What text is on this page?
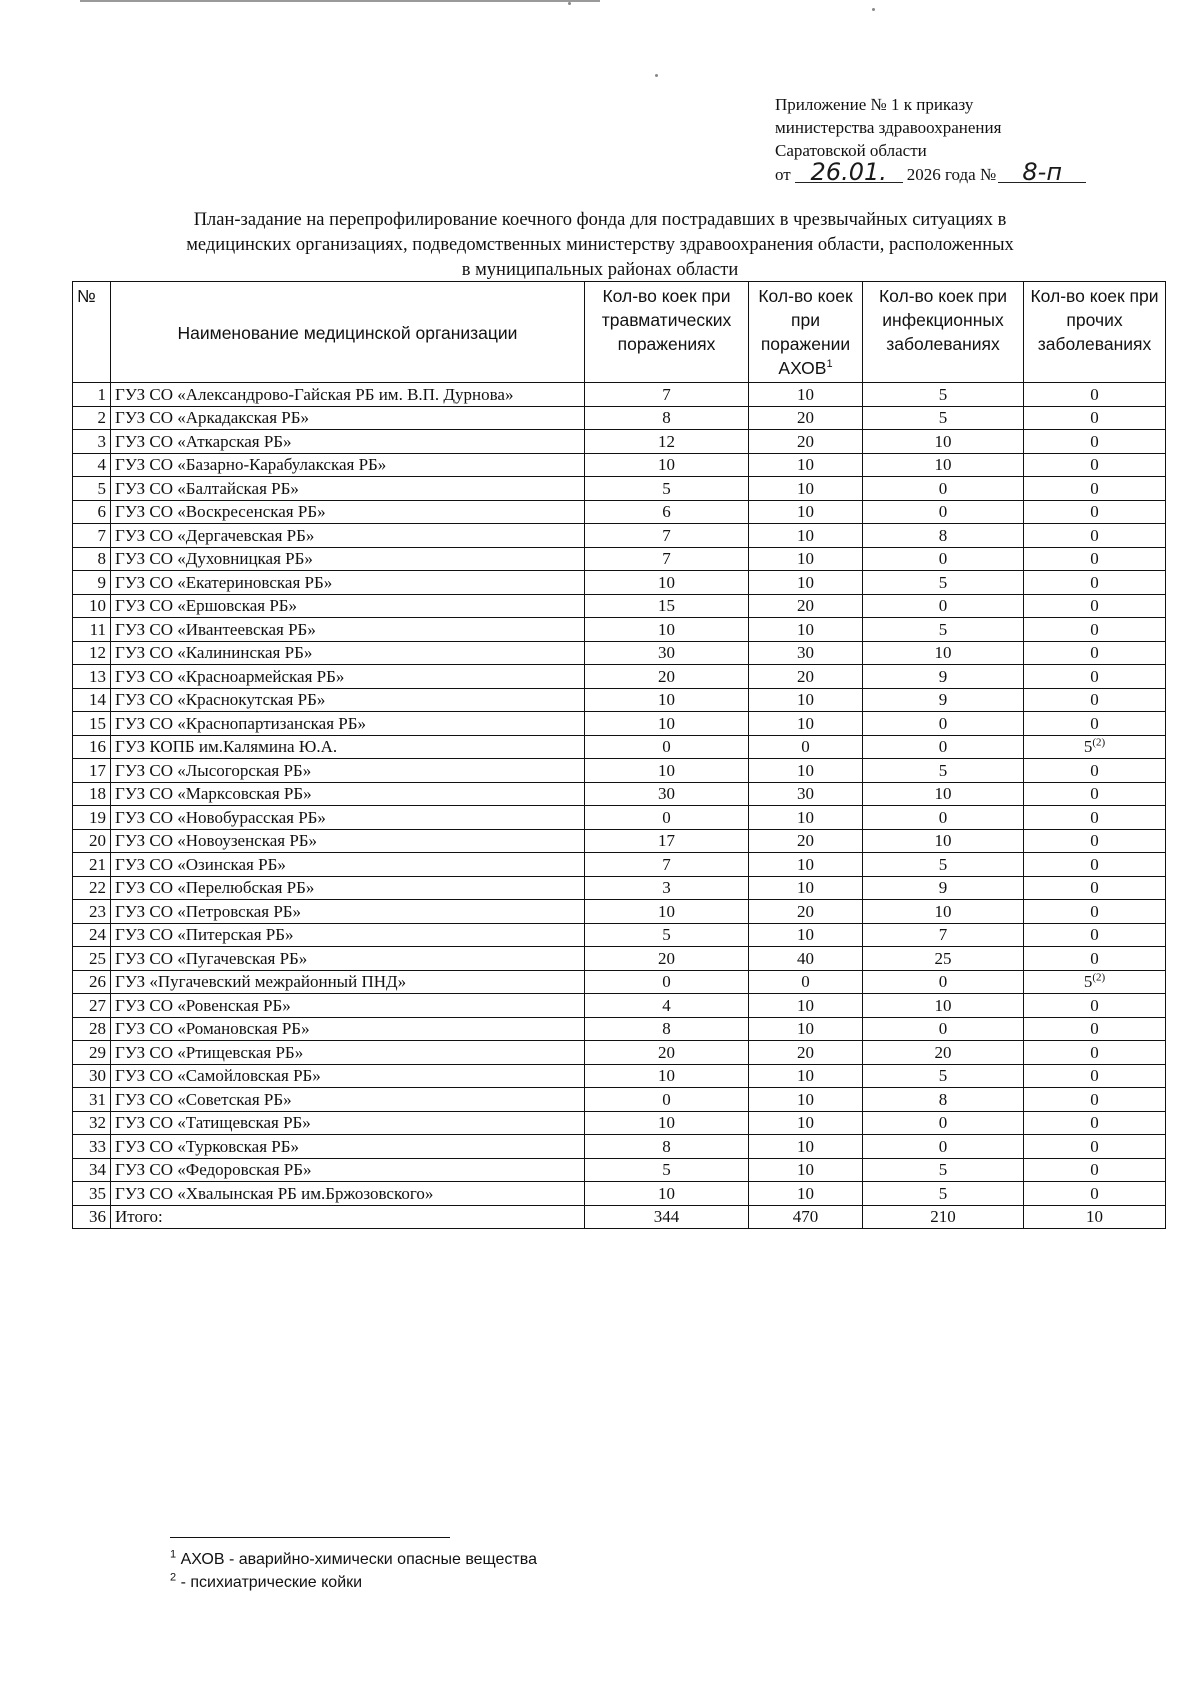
Приложение № 1 к приказу
министерства здравоохранения
Саратовской области
от 26.01.	2026 года №	8-п
План-задание на перепрофилирование коечного фонда для пострадавших в чрезвычайных ситуациях в
медицинских организациях, подведомственных министерству здравоохранения области, расположенных
в муниципальных районах области
№	Наименование медицинской организации	Кол-во коек при травматических поражениях	Кол-во коек при поражении АХОВ$^1$	Кол-во коек при инфекционных заболеваниях	Кол-во коек при прочих заболеваниях
1	ГУЗ СО «Александрово-Гайская РБ им. В.П. Дурнова»	7	10	5	0
2	ГУЗ СО «Аркадакская РБ»	8	20	5	0
3	ГУЗ СО «Аткарская РБ»	12	20	10	0
4	ГУЗ СО «Базарно-Карабулакская РБ»	10	10	10	0
5	ГУЗ СО «Балтайская РБ»	5	10	0	0
6	ГУЗ СО «Воскресенская РБ»	6	10	0	0
7	ГУЗ СО «Дергачевская РБ»	7	10	8	0
8	ГУЗ СО «Духовницкая РБ»	7	10	0	0
9	ГУЗ СО «Екатериновская РБ»	10	10	5	0
10	ГУЗ СО «Ершовская РБ»	15	20	0	0
11	ГУЗ СО «Ивантеевская РБ»	10	10	5	0
12	ГУЗ СО «Калининская РБ»	30	30	10	0
13	ГУЗ СО «Красноармейская РБ»	20	20	9	0
14	ГУЗ СО «Краснокутская РБ»	10	10	9	0
15	ГУЗ СО «Краснопартизанская РБ»	10	10	0	0
16	ГУЗ КОПБ им.Калямина Ю.А.	0	0	0	5$^{(2)}$
17	ГУЗ СО «Лысогорская РБ»	10	10	5	0
18	ГУЗ СО «Марксовская РБ»	30	30	10	0
19	ГУЗ СО «Новобурасская РБ»	0	10	0	0
20	ГУЗ СО «Новоузенская РБ»	17	20	10	0
21	ГУЗ СО «Озинская РБ»	7	10	5	0
22	ГУЗ СО «Перелюбская РБ»	3	10	9	0
23	ГУЗ СО «Петровская РБ»	10	20	10	0
24	ГУЗ СО «Питерская РБ»	5	10	7	0
25	ГУЗ СО «Пугачевская РБ»	20	40	25	0
26	ГУЗ «Пугачевский межрайонный ПНД»	0	0	0	5$^{(2)}$
27	ГУЗ СО «Ровенская РБ»	4	10	10	0
28	ГУЗ СО «Романовская РБ»	8	10	0	0
29	ГУЗ СО «Ртищевская РБ»	20	20	20	0
30	ГУЗ СО «Самойловская РБ»	10	10	5	0
31	ГУЗ СО «Советская РБ»	0	10	8	0
32	ГУЗ СО «Татищевская РБ»	10	10	0	0
33	ГУЗ СО «Турковская РБ»	8	10	0	0
34	ГУЗ СО «Федоровская РБ»	5	10	5	0
35	ГУЗ СО «Хвалынская РБ им.Бржозовского»	10	10	5	0
36	Итого:	344	470	210	10
$^1$ АХОВ - аварийно-химически опасные вещества
$^2$ - психиатрические койки
